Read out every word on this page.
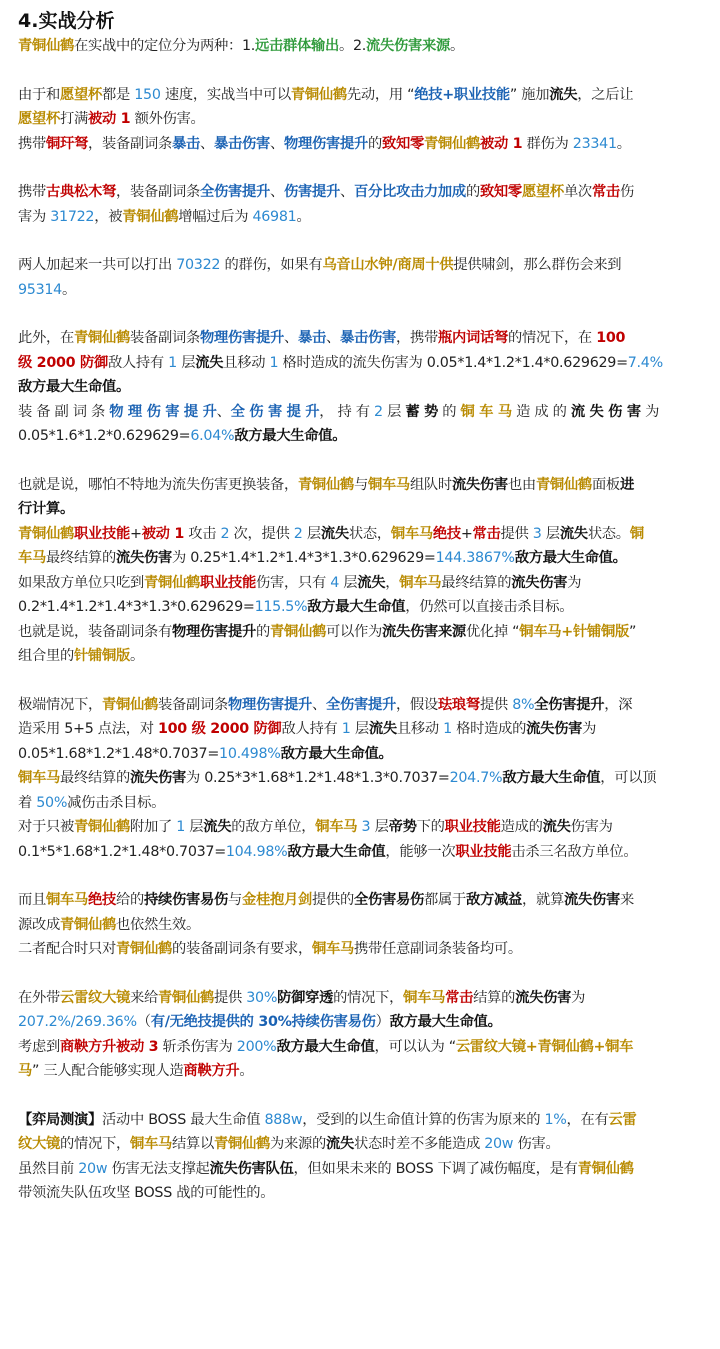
4.实战分析
青铜仙鹤在实战中的定位分为两种：1.远击群体输出。2.流失伤害来源。
由于和愿望杯都是 150 速度，实战当中可以青铜仙鹤先动，用 “绝技+职业技能” 施加流失，之后让
愿望杯打满被动 1 额外伤害。
携带铜玕弩，装备副词条暴击、暴击伤害、物理伤害提升的致知零青铜仙鹤被动 1 群伤为 23341。
携带古典松木弩，装备副词条全伤害提升、伤害提升、百分比攻击力加成的致知零愿望杯单次常击伤
害为 31722，被青铜仙鹤增幅过后为 46981。
两人加起来一共可以打出 70322 的群伤，如果有乌音山水钟/商周十供提供啸剑，那么群伤会来到
95314。
此外，在青铜仙鹤装备副词条物理伤害提升、暴击、暴击伤害，携带瓶内词话弩的情况下，在 100
级 2000 防御敌人持有 1 层流失且移动 1 格时造成的流失伤害为 0.05*1.4*1.2*1.4*0.629629=7.4%
敌方最大生命值。
装 备 副 词 条 物 理 伤 害 提 升、全 伤 害 提 升， 持 有 2 层 蓄 势 的 铜 车 马 造 成 的 流 失 伤 害 为
0.05*1.6*1.2*0.629629=6.04%敌方最大生命值。
也就是说，哪怕不特地为流失伤害更换装备，青铜仙鹤与铜车马组队时流失伤害也由青铜仙鹤面板进
行计算。
青铜仙鹤职业技能+被动 1 攻击 2 次，提供 2 层流失状态，铜车马绝技+常击提供 3 层流失状态。铜
车马最终结算的流失伤害为 0.25*1.4*1.2*1.4*3*1.3*0.629629=144.3867%敌方最大生命值。
如果敌方单位只吃到青铜仙鹤职业技能伤害，只有 4 层流失，铜车马最终结算的流失伤害为
0.2*1.4*1.2*1.4*3*1.3*0.629629=115.5%敌方最大生命值，仍然可以直接击杀目标。
也就是说，装备副词条有物理伤害提升的青铜仙鹤可以作为流失伤害来源优化掉 “铜车马+针铺铜版”
组合里的针铺铜版。
极端情况下，青铜仙鹤装备副词条物理伤害提升、全伤害提升，假设珐琅弩提供 8%全伤害提升，深
造采用 5+5 点法，对 100 级 2000 防御敌人持有 1 层流失且移动 1 格时造成的流失伤害为
0.05*1.68*1.2*1.48*0.7037=10.498%敌方最大生命值。
铜车马最终结算的流失伤害为 0.25*3*1.68*1.2*1.48*1.3*0.7037=204.7%敌方最大生命值，可以顶
着 50%减伤击杀目标。
对于只被青铜仙鹤附加了 1 层流失的敌方单位，铜车马 3 层帝势下的职业技能造成的流失伤害为
0.1*5*1.68*1.2*1.48*0.7037=104.98%敌方最大生命值，能够一次职业技能击杀三名敌方单位。
而且铜车马绝技给的持续伤害易伤与金桂抱月剑提供的全伤害易伤都属于敌方减益，就算流失伤害来
源改成青铜仙鹤也依然生效。
二者配合时只对青铜仙鹤的装备副词条有要求，铜车马携带任意副词条装备均可。
在外带云雷纹大镜来给青铜仙鹤提供 30%防御穿透的情况下，铜车马常击结算的流失伤害为
207.2%/269.36%（有/无绝技提供的 30%持续伤害易伤）敌方最大生命值。
考虑到商鞅方升被动 3 斩杀伤害为 200%敌方最大生命值，可以认为 “云雷纹大镜+青铜仙鹤+铜车
马” 三人配合能够实现人造商鞅方升。
【弈局测演】活动中 BOSS 最大生命值 888w，受到的以生命值计算的伤害为原来的 1%，在有云雷
纹大镜的情况下，铜车马结算以青铜仙鹤为来源的流失状态时差不多能造成 20w 伤害。
虽然目前 20w 伤害无法支撑起流失伤害队伍，但如果未来的 BOSS 下调了减伤幅度，是有青铜仙鹤
带领流失队伍攻坚 BOSS 战的可能性的。
